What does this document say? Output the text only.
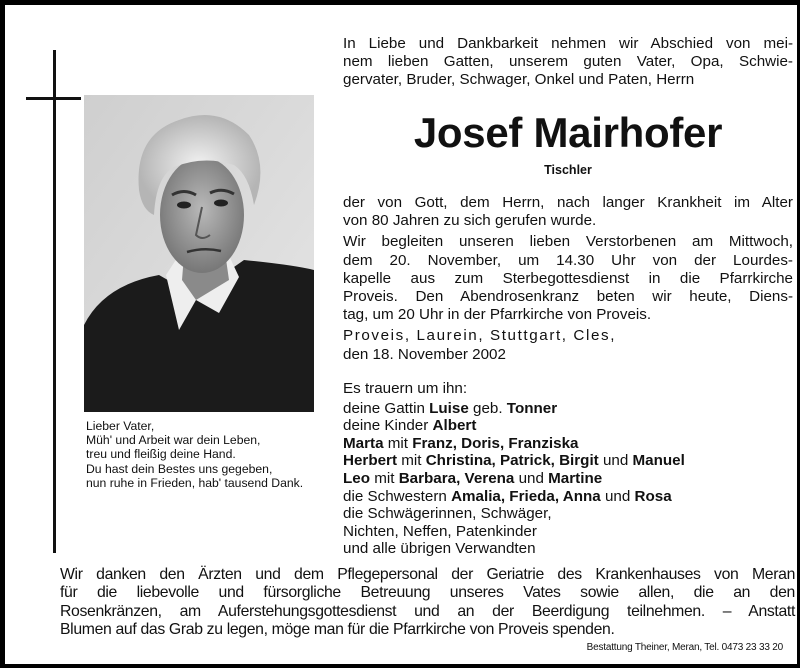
Lieber Vater,
Müh' und Arbeit war dein Leben,
treu und fleißig deine Hand.
Du hast dein Bestes uns gegeben,
nun ruhe in Frieden, hab' tausend Dank.
In Liebe und Dankbarkeit nehmen wir Abschied von mei-
nem lieben Gatten, unserem guten Vater, Opa, Schwie-
gervater, Bruder, Schwager, Onkel und Paten, Herrn
Josef Mairhofer
Tischler
der von Gott, dem Herrn, nach langer Krankheit im Alter
von 80 Jahren zu sich gerufen wurde.
Wir begleiten unseren lieben Verstorbenen am Mittwoch,
dem 20. November, um 14.30 Uhr von der Lourdes-
kapelle aus zum Sterbegottesdienst in die Pfarrkirche
Proveis. Den Abendrosenkranz beten wir heute, Diens-
tag, um 20 Uhr in der Pfarrkirche von Proveis.
Proveis, Laurein, Stuttgart, Cles,
den 18. November 2002
Es trauern um ihn:
deine Gattin Luise geb. Tonner
deine Kinder Albert
Marta mit Franz, Doris, Franziska
Herbert mit Christina, Patrick, Birgit und Manuel
Leo mit Barbara, Verena und Martine
die Schwestern Amalia, Frieda, Anna und Rosa
die Schwägerinnen, Schwäger,
Nichten, Neffen, Patenkinder
und alle übrigen Verwandten
Wir danken den Ärzten und dem Pflegepersonal der Geriatrie des Krankenhauses von Meran
für die liebevolle und fürsorgliche Betreuung unseres Vates sowie allen, die an den
Rosenkränzen, am Auferstehungsgottesdienst und an der Beerdigung teilnehmen. – Anstatt
Blumen auf das Grab zu legen, möge man für die Pfarrkirche von Proveis spenden.
Bestattung Theiner, Meran, Tel. 0473 23 33 20
